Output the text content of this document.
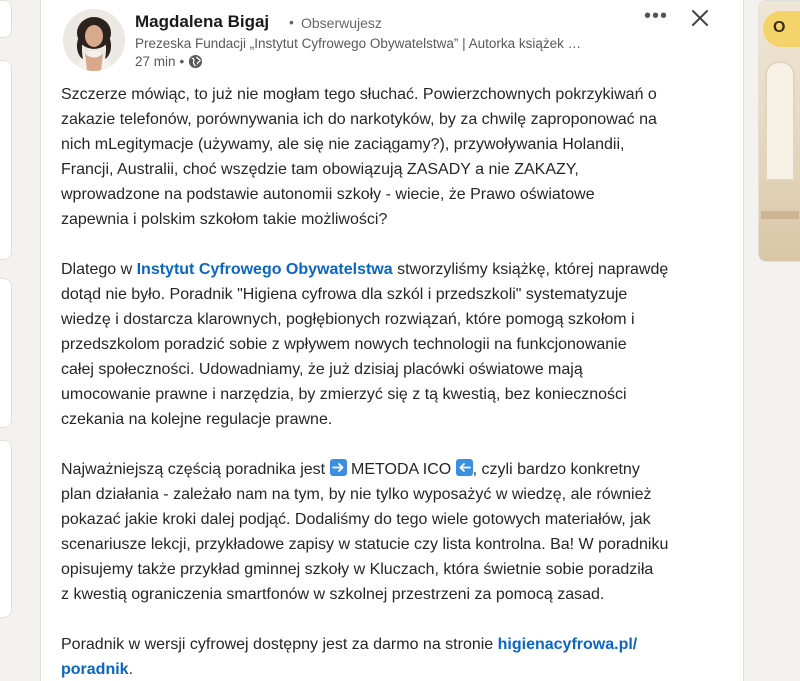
O
Magdalena Bigaj • Obserwujesz
Prezeska Fundacji „Instytut Cyfrowego Obywatelstwa” | Autorka książek …
27 min •
•••
Szczerze mówiąc, to już nie mogłam tego słuchać. Powierzchownych pokrzykiwań o
zakazie telefonów, porównywania ich do narkotyków, by za chwilę zaproponować na
nich mLegitymacje (używamy, ale się nie zaciągamy?), przywoływania Holandii,
Francji, Australii, choć wszędzie tam obowiązują ZASADY a nie ZAKAZY,
wprowadzone na podstawie autonomii szkoły - wiecie, że Prawo oświatowe
zapewnia i polskim szkołom takie możliwości?
Dlatego w Instytut Cyfrowego Obywatelstwa stworzyliśmy książkę, której naprawdę
dotąd nie było. Poradnik "Higiena cyfrowa dla szkól i przedszkoli" systematyzuje
wiedzę i dostarcza klarownych, pogłębionych rozwiązań, które pomogą szkołom i
przedszkolom poradzić sobie z wpływem nowych technologii na funkcjonowanie
całej społeczności. Udowadniamy, że już dzisiaj placówki oświatowe mają
umocowanie prawne i narzędzia, by zmierzyć się z tą kwestią, bez konieczności
czekania na kolejne regulacje prawne.
Najważniejszą częścią poradnika jest
METODA ICO , czyli bardzo konkretny
plan działania - zależało nam na tym, by nie tylko wyposażyć w wiedzę, ale również
pokazać jakie kroki dalej podjąć. Dodaliśmy do tego wiele gotowych materiałów, jak
scenariusze lekcji, przykładowe zapisy w statucie czy lista kontrolna. Ba! W poradniku
opisujemy także przykład gminnej szkoły w Kluczach, która świetnie sobie poradziła
z kwestią ograniczenia smartfonów w szkolnej przestrzeni za pomocą zasad.
Poradnik w wersji cyfrowej dostępny jest za darmo na stronie higienacyfrowa.pl/
poradnik.
